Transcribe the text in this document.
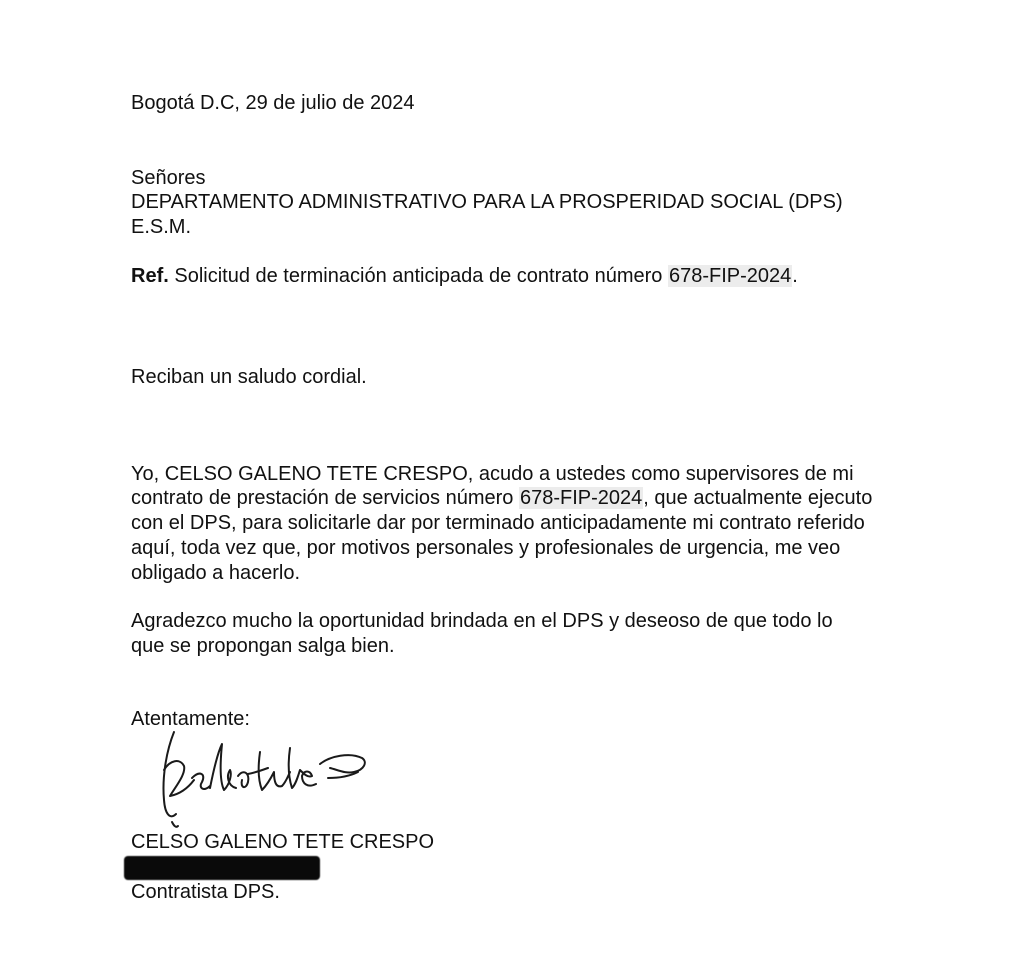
Bogotá D.C, 29 de julio de 2024
Señores
DEPARTAMENTO ADMINISTRATIVO PARA LA PROSPERIDAD SOCIAL (DPS)
E.S.M.
Ref. Solicitud de terminación anticipada de contrato número 678-FIP-2024.
Reciban un saludo cordial.
Yo, CELSO GALENO TETE CRESPO, acudo a ustedes como supervisores de mi
contrato de prestación de servicios número 678-FIP-2024, que actualmente ejecuto
con el DPS, para solicitarle dar por terminado anticipadamente mi contrato referido
aquí, toda vez que, por motivos personales y profesionales de urgencia, me veo
obligado a hacerlo.
Agradezco mucho la oportunidad brindada en el DPS y deseoso de que todo lo
que se propongan salga bien.
Atentamente:
CELSO GALENO TETE CRESPO
Contratista DPS.
